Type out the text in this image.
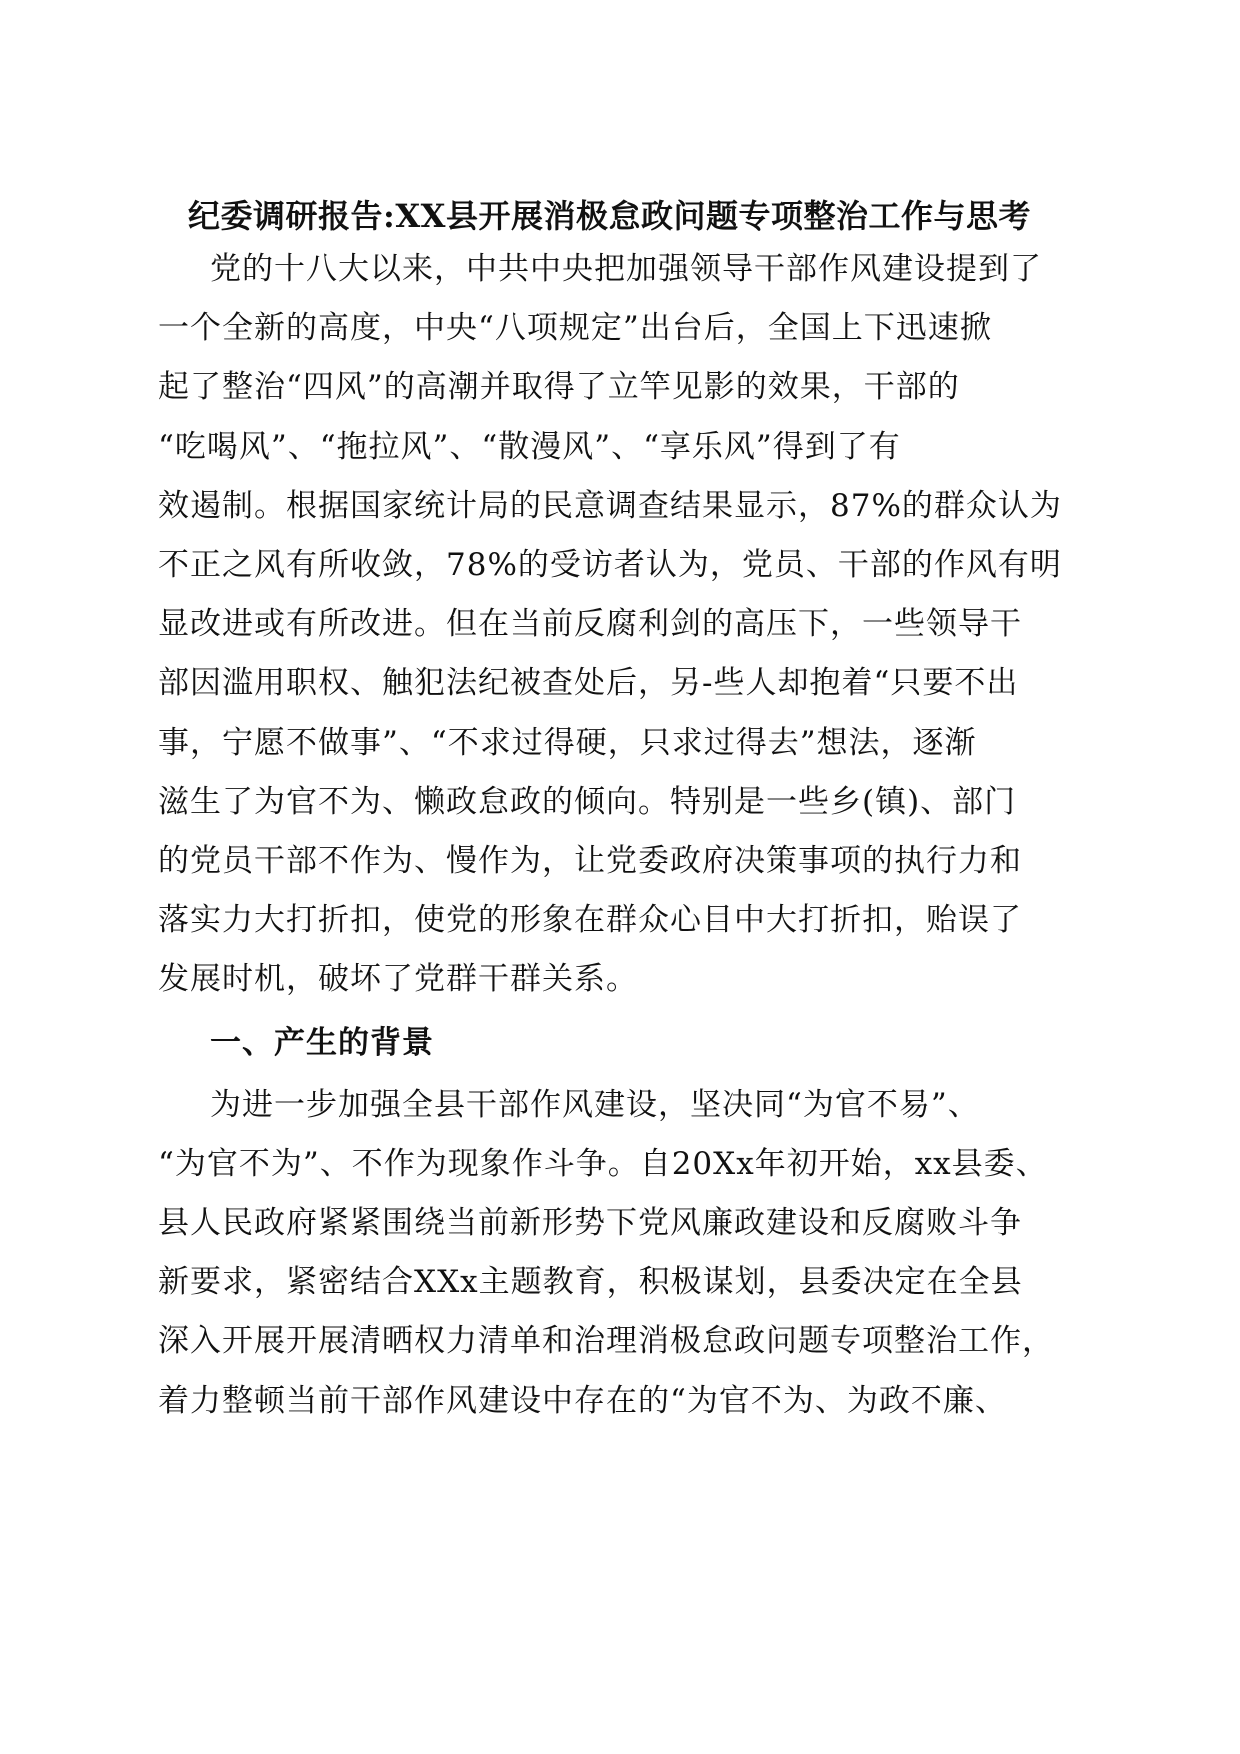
纪委调研报告:XX县开展消极怠政问题专项整治工作与思考

党的十八大以来，中共中央把加强领导干部作风建设提到了
一个全新的高度，中央“八项规定”出台后，全国上下迅速掀
起了整治“四风”的高潮并取得了立竿见影的效果，干部的
“吃喝风”、“拖拉风”、“散漫风”、“享乐风”得到了有
效遏制。根据国家统计局的民意调查结果显示，87%的群众认为
不正之风有所收敛，78%的受访者认为，党员、干部的作风有明
显改进或有所改进。但在当前反腐利剑的高压下，一些领导干
部因滥用职权、触犯法纪被查处后，另-些人却抱着“只要不出
事，宁愿不做事”、“不求过得硬，只求过得去”想法，逐渐
滋生了为官不为、懒政怠政的倾向。特别是一些乡(镇)、部门
的党员干部不作为、慢作为，让党委政府决策事项的执行力和
落实力大打折扣，使党的形象在群众心目中大打折扣，贻误了
发展时机，破坏了党群干群关系。

一、产生的背景

为进一步加强全县干部作风建设，坚决同“为官不易”、
“为官不为”、不作为现象作斗争。自20Xx年初开始，xx县委、
县人民政府紧紧围绕当前新形势下党风廉政建设和反腐败斗争
新要求，紧密结合XXx主题教育，积极谋划，县委决定在全县
深入开展开展清晒权力清单和治理消极怠政问题专项整治工作，
着力整顿当前干部作风建设中存在的“为官不为、为政不廉、
